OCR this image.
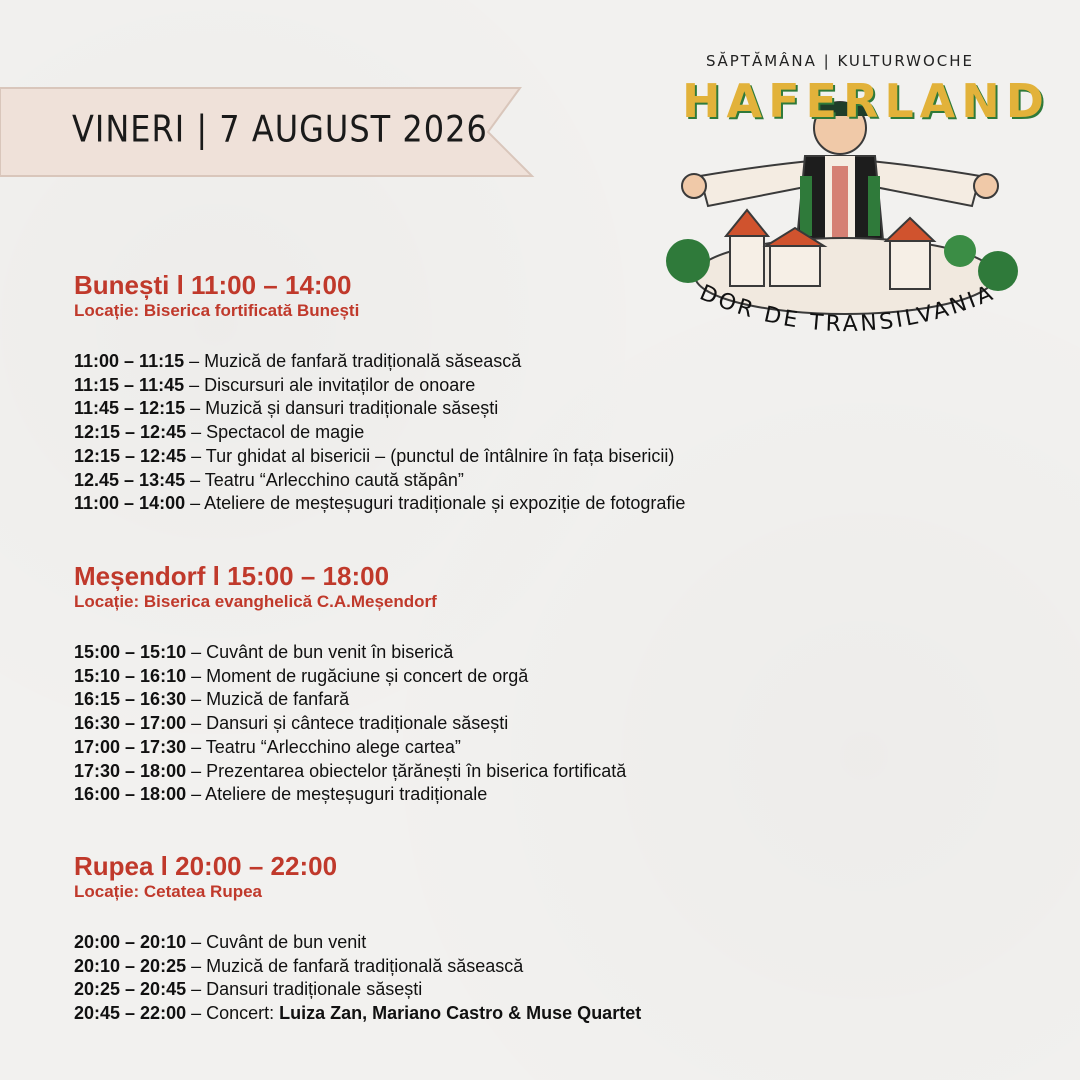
VINERI | 7 AUGUST 2026
SĂPTĂMÂNA | KULTURWOCHE
HAFERLAND
DOR DE TRANSILVANIA

Bunești l 11:00 – 14:00

Locație: Biserica fortificată Bunești

11:00 – 11:15 – Muzică de fanfară tradițională săsească
11:15 – 11:45 – Discursuri ale invitaților de onoare
11:45 – 12:15 – Muzică și dansuri tradiționale săsești
12:15 – 12:45 – Spectacol de magie
12:15 – 12:45 – Tur ghidat al bisericii – (punctul de întâlnire în fața bisericii)
12.45 – 13:45 – Teatru “Arlecchino caută stăpân”
11:00 – 14:00 – Ateliere de meșteșuguri tradiționale și expoziție de fotografie

Meșendorf l 15:00 – 18:00

Locație: Biserica evanghelică C.A.Meșendorf

15:00 – 15:10 – Cuvânt de bun venit în biserică
15:10 – 16:10 – Moment de rugăciune și concert de orgă
16:15 – 16:30 – Muzică de fanfară
16:30 – 17:00 – Dansuri și cântece tradiționale săsești
17:00 – 17:30 – Teatru “Arlecchino alege cartea”
17:30 – 18:00 – Prezentarea obiectelor țărănești în biserica fortificată
16:00 – 18:00 – Ateliere de meșteșuguri tradiționale

Rupea l 20:00 – 22:00

Locație: Cetatea Rupea

20:00 – 20:10 – Cuvânt de bun venit
20:10 – 20:25 – Muzică de fanfară tradițională săsească
20:25 – 20:45 – Dansuri tradiționale săsești
20:45 – 22:00 – Concert: Luiza Zan, Mariano Castro & Muse Quartet
